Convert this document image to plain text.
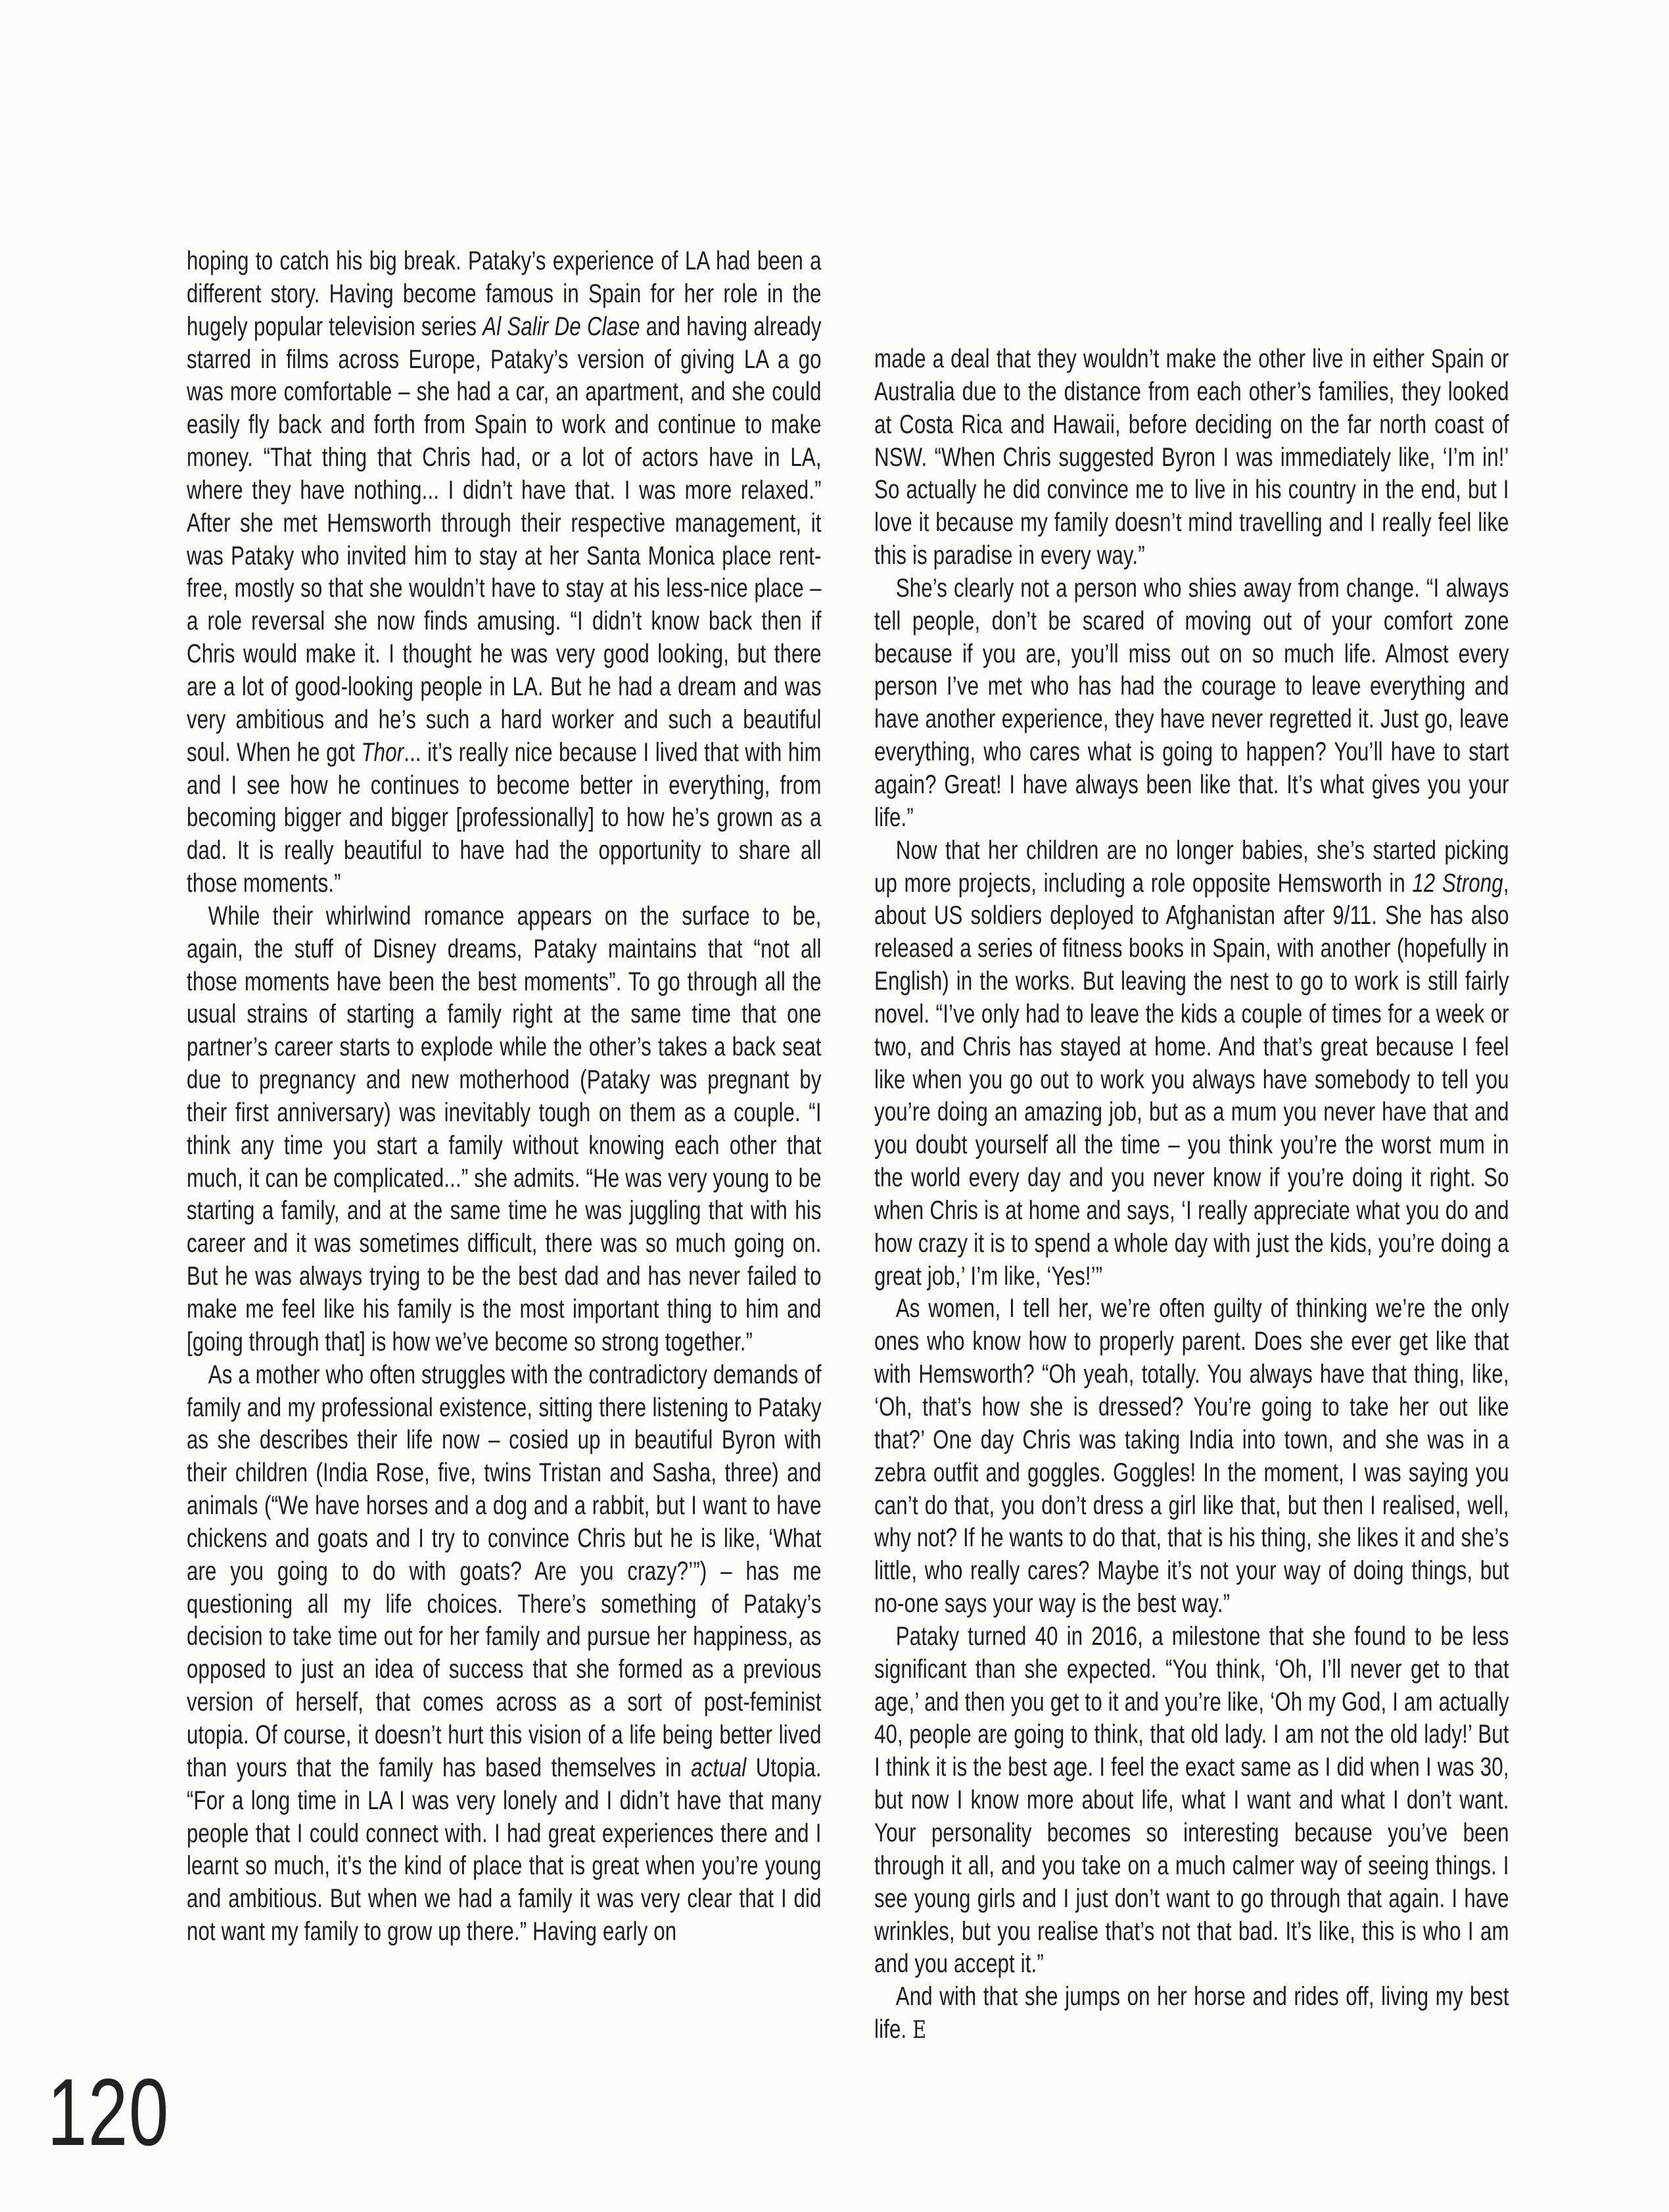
hoping to catch his big break. Pataky’s experience of LA had been a different story. Having become famous in Spain for her role in the hugely popular television series Al Salir De Clase and having already starred in films across Europe, Pataky’s version of giving LA a go was more comfortable – she had a car, an apartment, and she could easily fly back and forth from Spain to work and continue to make money. “That thing that Chris had, or a lot of actors have in LA, where they have nothing... I didn’t have that. I was more relaxed.” After she met Hemsworth through their respective management, it was Pataky who invited him to stay at her Santa Monica place rent-free, mostly so that she wouldn’t have to stay at his less-nice place – a role reversal she now finds amusing. “I didn’t know back then if Chris would make it. I thought he was very good looking, but there are a lot of good-looking people in LA. But he had a dream and was very ambitious and he’s such a hard worker and such a beautiful soul. When he got Thor... it’s really nice because I lived that with him and I see how he continues to become better in everything, from becoming bigger and bigger [professionally] to how he’s grown as a dad. It is really beautiful to have had the opportunity to share all those moments.”

While their whirlwind romance appears on the surface to be, again, the stuff of Disney dreams, Pataky maintains that “not all those moments have been the best moments”. To go through all the usual strains of starting a family right at the same time that one partner’s career starts to explode while the other’s takes a back seat due to pregnancy and new motherhood (Pataky was pregnant by their first anniversary) was inevitably tough on them as a couple. “I think any time you start a family without knowing each other that much, it can be complicated...” she admits. “He was very young to be starting a family, and at the same time he was juggling that with his career and it was sometimes difficult, there was so much going on. But he was always trying to be the best dad and has never failed to make me feel like his family is the most important thing to him and [going through that] is how we’ve become so strong together.”

As a mother who often struggles with the contradictory demands of family and my professional existence, sitting there listening to Pataky as she describes their life now – cosied up in beautiful Byron with their children (India Rose, five, twins Tristan and Sasha, three) and animals (“We have horses and a dog and a rabbit, but I want to have chickens and goats and I try to convince Chris but he is like, ‘What are you going to do with goats? Are you crazy?’”) – has me questioning all my life choices. There’s something of Pataky’s decision to take time out for her family and pursue her happiness, as opposed to just an idea of success that she formed as a previous version of herself, that comes across as a sort of post-feminist utopia. Of course, it doesn’t hurt this vision of a life being better lived than yours that the family has based themselves in actual Utopia. “For a long time in LA I was very lonely and I didn’t have that many people that I could connect with. I had great experiences there and I learnt so much, it’s the kind of place that is great when you’re young and ambitious. But when we had a family it was very clear that I did not want my family to grow up there.” Having early on

made a deal that they wouldn’t make the other live in either Spain or Australia due to the distance from each other’s families, they looked at Costa Rica and Hawaii, before deciding on the far north coast of NSW. “When Chris suggested Byron I was immediately like, ‘I’m in!’ So actually he did convince me to live in his country in the end, but I love it because my family doesn’t mind travelling and I really feel like this is paradise in every way.”

She’s clearly not a person who shies away from change. “I always tell people, don’t be scared of moving out of your comfort zone because if you are, you’ll miss out on so much life. Almost every person I’ve met who has had the courage to leave everything and have another experience, they have never regretted it. Just go, leave everything, who cares what is going to happen? You’ll have to start again? Great! I have always been like that. It’s what gives you your life.”

Now that her children are no longer babies, she’s started picking up more projects, including a role opposite Hemsworth in 12 Strong, about US soldiers deployed to Afghanistan after 9/11. She has also released a series of fitness books in Spain, with another (hopefully in English) in the works. But leaving the nest to go to work is still fairly novel. “I’ve only had to leave the kids a couple of times for a week or two, and Chris has stayed at home. And that’s great because I feel like when you go out to work you always have somebody to tell you you’re doing an amazing job, but as a mum you never have that and you doubt yourself all the time – you think you’re the worst mum in the world every day and you never know if you’re doing it right. So when Chris is at home and says, ‘I really appreciate what you do and how crazy it is to spend a whole day with just the kids, you’re doing a great job,’ I’m like, ‘Yes!’”

As women, I tell her, we’re often guilty of thinking we’re the only ones who know how to properly parent. Does she ever get like that with Hemsworth? “Oh yeah, totally. You always have that thing, like, ‘Oh, that’s how she is dressed? You’re going to take her out like that?’ One day Chris was taking India into town, and she was in a zebra outfit and goggles. Goggles! In the moment, I was saying you can’t do that, you don’t dress a girl like that, but then I realised, well, why not? If he wants to do that, that is his thing, she likes it and she’s little, who really cares? Maybe it’s not your way of doing things, but no-one says your way is the best way.”

Pataky turned 40 in 2016, a milestone that she found to be less significant than she expected. “You think, ‘Oh, I’ll never get to that age,’ and then you get to it and you’re like, ‘Oh my God, I am actually 40, people are going to think, that old lady. I am not the old lady!’ But I think it is the best age. I feel the exact same as I did when I was 30, but now I know more about life, what I want and what I don’t want. Your personality becomes so interesting because you’ve been through it all, and you take on a much calmer way of seeing things. I see young girls and I just don’t want to go through that again. I have wrinkles, but you realise that’s not that bad. It’s like, this is who I am and you accept it.”

And with that she jumps on her horse and rides off, living my best life. E

120
